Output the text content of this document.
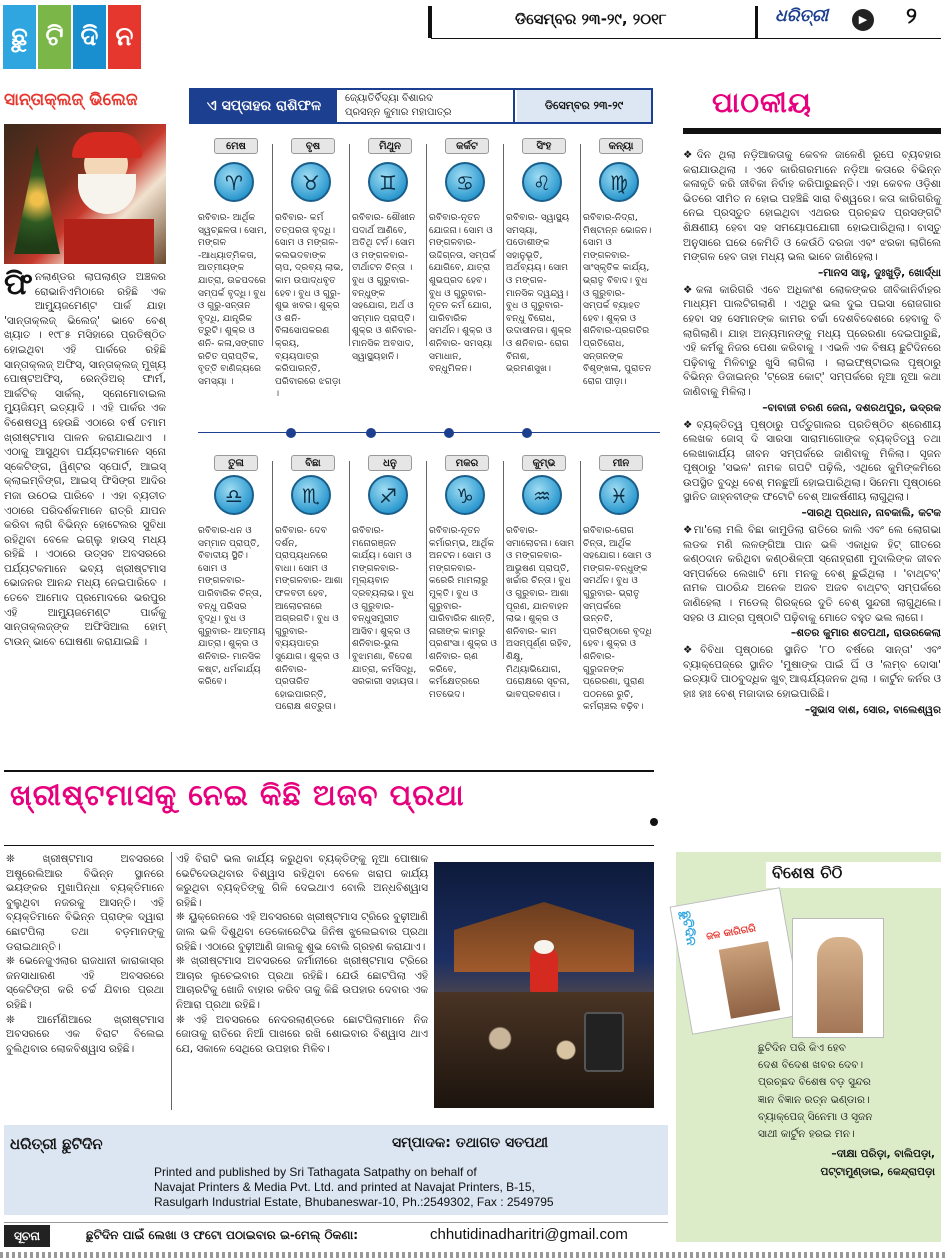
ଛୁ ଟି ଦି ନ
ଡିସେମ୍ବର ୨୩-୨୯, ୨୦୧୮	ଧରିତ୍ରୀ	▶	୨
ସାନ୍ତାକ୍ଲଜ୍ ଭିଲେଜ
ଫିନଲାଣ୍ଡର ଲାପଲାଣ୍ଡ ଅଞ୍ଚଳର ରୋଭାନିଏମିଠାରେ ରହିଛି ଏକ ଆମ୍ୟୁଜମେଣ୍ଟ ପାର୍କ ଯାହା 'ସାନ୍ତାକ୍ଲଜ୍ ଭିଲେଜ୍' ଭାବେ ବେଶ୍ ଖ୍ୟାତ । ୧୯୮୫ ମସିହାରେ ପ୍ରତିଷ୍ଠିତ ହୋଇଥିବା ଏହି ପାର୍କରେ ରହିଛି ସାନ୍ତାକ୍ଲଜ୍ ଅଫିସ୍, ସାନ୍ତାକ୍ଲଜ୍ ମୁଖ୍ୟ ପୋଷ୍ଟଅଫିସ୍, ରେନ୍‌ଡିଅର୍ ଫାର୍ମ, ଆର୍କଟିକ୍ ସାର୍କଲ୍, ସ୍ନୋମୋବାଇଲ ମ୍ୟୁଜିୟମ୍ ଇତ୍ୟାଦି । ଏହି ପାର୍କର ଏକ ବିଶେଷତ୍ୱ ହେଉଛି ଏଠାରେ ବର୍ଷ ତମାମ ଖ୍ରୀଷ୍ଟମାସ ପାଳନ କରାଯାଇଥାଏ । ଏଠାକୁ ଆସୁଥିବା ପର୍ଯ୍ୟଟକମାନେ ସ୍ନୋ ସ୍କେଟିଙ୍ଗ, ୱିଣ୍ଟର ସ୍ପୋର୍ଟ, ଆଇସ୍ କ୍ଲାଇମ୍ବିଙ୍ଗ, ଆଇସ୍ ଫିସିଙ୍ଗ ଆଦିର ମଜା ଉଠେଇ ପାରିବେ । ଏହା ବ୍ୟତୀତ ଏଠାରେ ପରିଦର୍ଶକମାନେ ରାତ୍ରି ଯାପନ କରିବା ଲାଗି ବିଭିନ୍ନ ହୋଟେଲର ସୁବିଧା ରହିଥିବା ବେଳେ ଇଗ୍ଲୁ ହାଉସ୍ ମଧ୍ୟ ରହିଛି । ଏଠାରେ ଉତ୍ସବ ଅବସରରେ ପର୍ଯ୍ୟଟକମାନେ ଭବ୍ୟ ଖ୍ରୀଷ୍ଟମାସ ଭୋଜନର ଆନନ୍ଦ ମଧ୍ୟ ନେଇପାରିବେ । ତେବେ ଆମୋଦ ପ୍ରମୋଦରେ ଭରପୁର ଏହି ଆମ୍ୟୁଜମେଣ୍ଟ ପାର୍କକୁ ସାନ୍ତାକ୍ଲଜ୍‌ଙ୍କ ଅଫିସିଆଲ ହୋମ୍ ଟାଉନ୍ ଭାବେ ଘୋଷଣା କରାଯାଇଛି ।
ଏ ସପ୍ତାହର ରାଶିଫଳ	ଜ୍ୟୋତିର୍ବିଦ୍ୟା ବିଶାରଦ
ପ୍ରସନ୍ନ କୁମାର ମହାପାତ୍ର
ଡିସେମ୍ବର ୨୩-୨୯
ମେଷ
♈
ରବିବାର- ଆର୍ଥିକ ସ୍ୱଚ୍ଛଳତା। ସୋମ, ମଙ୍ଗଳ -ଆଧ୍ୟାତ୍ମିକତା, ଆତ୍ମୀୟଙ୍କ ଯାତ୍ରା, ଉଚ୍ଚପଦରେ ସମ୍ପର୍କ ବୃଦ୍ଧି। ବୁଧ ଓ ଗୁରୁ-ସନ୍ତାନ ବୃଦ୍ଧି, ଯାନ୍ତ୍ରିକ ତ୍ରୁଟି। ଶୁକ୍ର ଓ ଶନି- କଳା,ସଙ୍ଗୀତ ରଚିତ ପ୍ରାପ୍ତିକ, ବୃତ୍ତି ବାଣିଜ୍ୟରେ ସମସ୍ୟା ।
ବୃଷ
♉
ରବିବାର- କର୍ମ ତତ୍ପରତା ବୃଦ୍ଧି। ସୋମ ଓ ମଙ୍ଗଳ- କଲଭଦବାଙ୍କ ଚାପ, ଦ୍ରବ୍ୟ ଲାଭ, କାମ ଉପାଦ୍ଧବୃତ ହେବ। ବୁଧ ଓ ଗୁରୁ-ଶୁଭ ଖବର। ଶୁକ୍ର ଓ ଶନି- ବିଳାସୋପକରଣ କ୍ରୟ, ବ୍ୟୟପାତ୍ର କରିପାରନ୍ତି, ପରିବାରରେ ଝଗଡ଼ା ।
ମିଥୁନ
♊
ରବିବାର- ଶୌଖୀନ ପଦାର୍ଥ ଆଣିବେ, ଅତିଥି ଟର୍ନ। ସୋମ ଓ ମଙ୍ଗଳବାର- ତୀର୍ଥାଟନ ଚିନ୍ତା । ବୁଧ ଓ ଗୁରୁବାର- ବନ୍ଧୁଙ୍କ ସହଯୋଗ, ଅର୍ଥ ଓ ସମ୍ମାନ ପ୍ରାପ୍ତି। ଶୁକ୍ର ଓ ଶନିବାର- ମାନସିକ ଅବସାଦ, ସ୍ୱାସ୍ଥ୍ୟହାନି।
କର୍କଟ
♋
ରବିବାର-ନୂତନ ଯୋଜନା। ସୋମ ଓ ମଙ୍ଗଳବାର- ଉଦ୍ଦିଗ୍ନତା, ସମ୍ପର୍କ ଯୋଗିବେ, ଯାତ୍ରା ଶୁଭପ୍ରଦ ହେବ। ବୁଧ ଓ ଗୁରୁବାର- ନୂତନ କର୍ମ ଯୋଗ, ପାରିବାରିକ ସମର୍ଥନ। ଶୁକ୍ର ଓ ଶନିବାର- ସମସ୍ୟା ସମାଧାନ, ବନ୍ଧୁମିଳନ।
ସିଂହ
♌
ରବିବାର- ସ୍ୱାସ୍ଥ୍ୟ ସମସ୍ୟା, ପଡୋଶୀଙ୍କ ସହାନୁଭୂତି, ଅର୍ଥବ୍ୟୟ। ସୋମ ଓ ମଙ୍ଗଳ- ମାନସିକ ଦ୍ୱନ୍ଦ୍ୱ। ବୁଧ ଓ ଗୁରୁବାର- ବନ୍ଧୁ ବିରୋଧ, ଉଦାସୀନତା। ଶୁକ୍ର ଓ ଶନିବାର- ରୋଗ ବିନାଶ, ଭ୍ରମଣସୁଖ।
କନ୍ୟା
♍
ରବିବାର-ନିଦ୍ରା, ମିଷ୍ଟାନ୍ନ ଭୋଜନ। ସୋମ ଓ ମଙ୍ଗଳବାର- ସାଂସ୍କୃତିକ କାର୍ଯ୍ୟ, ଭ୍ରାତୃ ବିବାଦ। ବୁଧ ଓ ଗୁରୁବାର- ସମ୍ପର୍କ ବ୍ୟାହତ ହେବ। ଶୁକ୍ର ଓ ଶନିବାର-ପ୍ରଗତିର ପ୍ରତିରୋଧ, ସନ୍ତାନଙ୍କ ବିଶୃଙ୍ଖଳା, ପୁରାତନ ରୋଗ ପୀଡ଼ା।
ତୁଳା
♎
ରବିବାର-ଧନ ଓ ସମ୍ମାନ ପ୍ରାପ୍ତି, ବିବାଦୀୟ ସ୍ଥିତି। ସୋମ ଓ ମଙ୍ଗଳବାର- ପାରିବାରିକ ଚିନ୍ତା, ବନ୍ଧୁ ପରିସର ବୃଦ୍ଧି। ବୁଧ ଓ ଗୁରୁବାର- ଆତ୍ମୀୟ ଯାତ୍ରା। ଶୁକ୍ର ଓ ଶନିବାର- ମାନସିକ କଷ୍ଟ, ଧର୍ମକାର୍ଯ୍ୟ କରିବେ।
ବିଛା
♏
ରବିବାର- ଦେବ ଦର୍ଶନ, ପ୍ରାପ୍ୟଧନରେ ବାଧା। ସୋମ ଓ ମଙ୍ଗଳବାର- ଆଶା ଫଳବତୀ ହେବ, ଆଲୋଚନାରେ ଅଗ୍ରଗତି। ବୁଧ ଓ ଗୁରୁବାର- ବ୍ୟୟପାତ୍ର ସୁଯୋଗ। ଶୁକ୍ର ଓ ଶନିବାର- ପ୍ରତାରିତ ହୋଇପାରନ୍ତି, ପରୋକ୍ଷ ଶତ୍ରୁତା।
ଧନୁ
♐
ରବିବାର- ମନୋରଞ୍ଜନ କାର୍ଯ୍ୟ। ସୋମ ଓ ମଙ୍ଗଳବାର- ମୂଲ୍ୟବାନ ଦ୍ରବ୍ୟଲାଭ। ବୁଧ ଓ ଗୁରୁବାର- ବନ୍ଧୁସମ୍ପ୍ରୀତ ଆସିବ। ଶୁକ୍ର ଓ ଶନିବାର-ଭୁଲ ବୁଝାମଣା, ବିଦେଶ ଯାତ୍ରା, କର୍ମସିଦ୍ଧି, ସରକାରୀ ସହାୟତା।
ମକର
♑
ରବିବାର-ନୂତନ କର୍ମାରମ୍ଭ, ଆର୍ଥିକ ଅନଟନ। ସୋମ ଓ ମଙ୍ଗଳବାର- କରେରି ମାମଲାରୁ ମୁକ୍ତି। ବୁଧ ଓ ଗୁରୁବାର- ପାରିବାରିକ ଶାନ୍ତି, ନାରୀଙ୍କ କାମରୁ ପ୍ରଶଂସା। ଶୁକ୍ର ଓ ଶନିବାର- ଋଣ କରିବେ, କର୍ମକ୍ଷେତ୍ରରେ ମତଭେଦ।
କୁମ୍ଭ
♒
ରବିବାର- ସମାଲୋଚନା। ସୋମ ଓ ମଙ୍ଗଳବାର- ଆଭୁଷଣ ପ୍ରାପ୍ତି, ଖର୍ଚ୍ଚାର ଚିନ୍ତା। ବୁଧ ଓ ଗୁରୁବାର- ଆଶା ପୂରଣ, ଯାନବାହନ ଲାଭ। ଶୁକ୍ର ଓ ଶନିବାର- କାମ ଅସମ୍ପୂର୍ଣ୍ଣ ରହିବ, ଶିକ୍ଷୁ, ମିଥ୍ୟାଭିଯୋଗ, ପରୋକ୍ଷରେ ସୂଚନା, ଭାବପ୍ରବଣତା।
ମୀନ
♓
ରବିବାର-ରୋଗ ଚିନ୍ତା, ଆର୍ଥିକ ସହଯୋଗ। ସୋମ ଓ ମଙ୍ଗଳ-ବନ୍ଧୁଙ୍କ ସମର୍ଥନ। ବୁଧ ଓ ଗୁରୁବାର- ଭ୍ରାତୃ ସମ୍ପର୍କରେ ଉନ୍ନତି, ପ୍ରତିଷ୍ଠାରେ ବୃଦ୍ଧି ହେବ। ଶୁକ୍ର ଓ ଶନିବାର- ଗୁରୁଜନଙ୍କ ପ୍ରେରଣା, ପୁରାଣ ପଠନରେ ରୁଚି, କର୍ମଚାଞ୍ଚଲ ବଢ଼ିବ।
ପାଠକୀୟ
❖ଦିନ ଥିଲା ନଡ଼ିଆକତାକୁ କେବଳ ଜାଳେଣି ରୂପେ ବ୍ୟବହାର କରାଯାଉଥିଲା । ଏବେ କାରିଗରମାନେ ନଡ଼ିଆ କତାରେ ବିଭିନ୍ନ କଳାକୃତି କରି ଜୀବିକା ନିର୍ବାହ କରିପାରୁଛନ୍ତି। ଏହା କେବଳ ଓଡ଼ିଶା ଭିତରେ ସୀମିତ ନ ହୋଇ ପହଞ୍ଚିଛି ସାରା ବିଶ୍ୱରେ। କତା କାରିଗରିକୁ ନେଇ ପ୍ରସ୍ତୁତ ହୋଇଥିବା ଏଥରର ପ୍ରଚ୍ଛଦ ପ୍ରସଙ୍ଗଟି ଶିକ୍ଷଣୀୟ ହେବା ସହ ସମୟୋପଯୋଗୀ ହୋଇପାରିଥିଲା। ବାସ୍ତୁ ଅନୁସାରେ ଘରେ କେମିତି ଓ କେଉଁଠି ଦରଜା ଏବଂ ଝରକା ଲାଗିଲେ ମଙ୍ଗଳ ହେବ ତାହା ମଧ୍ୟ ଭଲ ଭାବେ ଜାଣିହେଲା।
–ମାନସ ସାହୁ, ଦୁଃଖୁଡ଼ି, ଖୋର୍ଦ୍ଧା
❖କଳା କାରିଗରି ଏବେ ଅଧିକାଂଶ ଲୋକଙ୍କର ଜୀବିକାନିର୍ବାହର ମାଧ୍ୟମ ପାଲଟିଗଲାଣି । ଏଥିରୁ ଭଲ ଦୁଇ ପଇସା ରୋଜଗାର ହେବା ସହ ସେମାନଙ୍କ କାମର ଚର୍ଚ୍ଚା ଦେଶବିଦେଶରେ ହେବାକୁ ବି ଲାଗିଲାଣି। ଯାହା ଅନ୍ୟମାନଙ୍କୁ ମଧ୍ୟ ପ୍ରେରଣା ଦେଇପାରୁଛି, ଏହି କର୍ମକୁ ନିଜର ପେଶା କରିବାକୁ । ଏଭଳି ଏକ ବିଷୟ ଛୁଟିଦିନରେ ପଢ଼ିବାକୁ ମିଳିବାରୁ ଖୁସି ଲାଗିଲା । ଲାଇଫ୍‌ଷ୍ଟାଇଲ ପୃଷ୍ଠାରୁ ବିଭିନ୍ନ ଡିଜାଇନ୍‌ର 'ଟ୍ରେଞ୍ଚ କୋଟ୍' ସମ୍ପର୍କରେ ନୂଆ ନୂଆ କଥା ଜାଣିବାକୁ ମିଳିଲା।
–ବାବାଜୀ ଚରଣ ଜେନା, ଦଶରଥପୁର, ଭଦ୍ରକ
❖ବ୍ୟକ୍ତିତ୍ୱ ପୃଷ୍ଠାରୁ ପର୍ତ୍ତୁଗାଲର ପ୍ରତିଷ୍ଠିତ ଶ୍ରେଣୀୟ ଲେଖକ ଜୋସ୍ ଦି ସାରସା ସାରାମାଗୋଙ୍କ ବ୍ୟକ୍ତିତ୍ୱ ତଥା ଲେଖାକାର୍ଯ୍ୟ ଜୀବନ ସମ୍ପର୍କରେ ଜାଣିବାକୁ ମିଳିଲା। ସୃଜନ ପୃଷ୍ଠାରୁ 'ସଭଳ' ନାମକ ଗପଟି ପଢ଼ିଲି, ଏଥିରେ କୁମିଙ୍କମିରେ ଉପସ୍ଥିତ ବୁଦ୍ଧି ବେଶ୍ ମନଛୁଆଁ ହୋଇପାରିଥିଲା। ସିନେମା ପୃଷ୍ଠାରେ ସ୍ଥାନିତ ଜାହ୍ନବୀଙ୍କ ଫଟୋଟି ବେଶ୍ ଆକର୍ଷଣୀୟ ଲାଗୁଥିଲା।
–ସାରଥି ପ୍ରଧାନ, ନାବକାଲି, କଟକ
❖ମା'ଲୋ ମଲି ବିଛା କାମୁଡିଲା ରାତିରେ କାଲି ଏବଂ ଲେ ଲୋଗଭା ଲଡକ ମଣି ଲଳଙ୍ଗିଆ ପାନ ଭଳି ଏକାଧିକ ହିଟ୍ ଗୀତରେ କଣ୍ଠଦାନ କରିଥିବା କଣ୍ଠଶିଳ୍ପୀ ସ୍ନୋହ୍ରାଣୀ ମୁଦାଲିଙ୍କ ଜୀବନ ସମ୍ପର୍କରେ ଲେଖାଟି ମୋ ମନକୁ ବେଶ୍ ଛୁଇଁଥିଲା । 'ବାଥ୍‌ଟବ୍' ନାମକ ପାଠରିନ୍ଦ ଅନେକ ଅଜବ ଅଜବ ବାଥ୍‌ଟବ୍ ସମ୍ପର୍କରେ ଜାଣିହେଲା । ମଡେଲ୍ ଗିରକ୍ରେ ଦୁତି ବେଶ୍ ସୁନ୍ଦରୀ ଲାଗୁଥିଲେ। ସହର ଓ ଯାତ୍ରା ପୃଷ୍ଠାଟି ପଢ଼ିବାକୁ ମୋତେ ବହୁତ ଭଲ ଲାଗେ।
–ଶତର କୁମାର ଶତପଥୀ, ରାଉରକେଲା
❖ବିବିଧା ପୃଷ୍ଠାରେ ସ୍ଥାନିତ '୮୦ ବର୍ଷରେ ସାନ୍ତା' ଏବଂ ବ୍ୟାକ୍‌ପେଜ୍‌ରେ ସ୍ଥାନିତ 'ମୁଷାଙ୍କ ପାଇଁ ଘିଁ ଓ 'ଲମ୍ବ ଦୋସା' ଇତ୍ୟାଦି ପାଠବୁଦ୍ଧିକ ଖୁବ୍ ଆଶ୍ଚର୍ଯ୍ୟଜନକ ଥିଲା । କାର୍ଟୁନ କର୍ନର ଓ ହାଃ ହାଃ ବେଶ୍ ମଜାଦାର ହୋଇପାରିଛି।
–ସୁଭାସ ଦାଶ, ସୋର, ବାଲେଶ୍ୱର
ବିଶେଷ ଚିଠି
ଛୁଟିଦିନ ଜଳ କାରିଗରି
ଛୁଟିଦିନ ପରି କିଏ ହେବ
ଦେଶ ବିଦେଶ ଖବର ଦେବ।
ପ୍ରଚ୍ଛଦ ବିଶେଷ ବଡ଼ ସୁନ୍ଦର
ଜ୍ଞାନ ବିଜ୍ଞାନ ରତ୍ନ ଭଣ୍ଡାର।
ବ୍ୟାକ୍‌ପେଜ୍ ସିନେମା ଓ ସୃଜନ
ସାଥୀ କାର୍ଟୁନ ହରଇ ମନ।
–ଦୀକ୍ଷା ପରିଡ଼ା, ବାଲିପଡ଼ା,
ପଟ୍ଟାମୁଣ୍ଡାଇ, କେନ୍ଦ୍ରାପଡ଼ା
ଖ୍ରୀଷ୍ଟମାସକୁ ନେଇ କିଛି ଅଜବ ପ୍ରଥା
❊ ଖ୍ରୀଷ୍ଟମାସ ଅବସରରେ ଅଷ୍ଟ୍ରେଲିଆର ବିଭିନ୍ନ ସ୍ଥାନରେ ଭୟଙ୍କର ମୁଖାପିନ୍ଧା ବ୍ୟକ୍ତିମାନେ ବୁଲୁଥିବା ନଜରକୁ ଆସନ୍ତି। ଏହି ବ୍ୟକ୍ତିମାନେ ବିଭିନ୍ନ ପ୍ରାଙ୍କ ଦ୍ୱାରା ଛୋଟପିଲା ତଥା ବଡ଼ମାନଙ୍କୁ ଡରାଇଥାନ୍ତି।
❊ ଭେନେଜୁଏଲାର ରାଜଧାନୀ କାରାକାସ୍‌ର ଜନସାଧାରଣ ଏହି ଅବସରରେ ସ୍କେଟିଙ୍ଗ କରି ଚର୍ଚ୍ଚ ଯିବାର ପ୍ରଥା ରହିଛି।
❊ ଆର୍ମେଣିଆରେ ଖ୍ରୀଷ୍ଟମାସ ଅବସରରେ ଏକ ବିରାଟ ବିଲେଇ ବୁଲିଥିବାର ଲୋକବିଶ୍ୱାସ ରହିଛି।
ଏହି ବିରାଟି ଭଲ କାର୍ଯ୍ୟ କରୁଥିବା ବ୍ୟକ୍ତିଙ୍କୁ ନୂଆ ପୋଷାକ ଭେଟିଦେଉଥିବାର ବିଶ୍ୱାସ ରହିଥିବା ବେଳେ ଖରାପ କାର୍ଯ୍ୟ କରୁଥିବା ବ୍ୟକ୍ତିଙ୍କୁ ଗିଳି ଦେଇଥାଏ ବୋଲି ଅନ୍ଧବିଶ୍ୱାସ ରହିଛି।
❊ ୟୁକ୍ରେନରେ ଏହି ଅବସରରେ ଖ୍ରୀଷ୍ଟମାସ ଟ୍ରିରେ ବୁଢ଼ୀଆଣି ଜାଲ ଭଳି ଦିଶୁଥିବା ଡେକୋରେଟିଭ ଜିନିଷ ଝୁଲେଇବାର ପ୍ରଥା ରହିଛି। ଏଠାରେ ବୁଢ଼ୀଆଣି ଜାଲକୁ ଶୁଭ ବୋଲି ଗ୍ରହଣ କରାଯାଏ।
❊ ଖ୍ରୀଷ୍ଟମାସ ଅବସରରେ ଜର୍ମାନୀରେ ଖ୍ରୀଷ୍ଟମାସ ଟ୍ରିରେ ଆଚାର ଲୁଚେଇବାର ପ୍ରଥା ରହିଛି। ଯେଉଁ ଛୋଟପିଲା ଏହି ଆଚାରଟିକୁ ଖୋଜି ବାହାର କରିବ ତାକୁ କିଛି ଉପହାର ଦେବାର ଏକ ନିଆରା ପ୍ରଥା ରହିଛି।
❊ ଏହି ଅବସରରେ ନେଦରଲାଣ୍ଡରେ ଛୋଟପିଲାମାନେ ନିଜ ଜୋତାକୁ ରାତିରେ ନିଆଁ ପାଖରେ ରଖି ଶୋଇବାର ବିଶ୍ୱାସ ଥାଏ ଯେ, ସକାଳେ ସେଥିରେ ଉପହାର ମିଳିବ।
ଧରିତ୍ରୀ ଛୁଟିଦିନ	ସମ୍ପାଦକ: ତଥାଗତ ସତପଥୀ
Printed and published by Sri Tathagata Satpathy on behalf of
Navajat Printers & Media Pvt. Ltd. and printed at Navajat Printers, B-15,
Rasulgarh Industrial Estate, Bhubaneswar-10, Ph.:2549302, Fax : 2549795
ସୂଚନା	ଛୁଟିଦିନ ପାଇଁ ଲେଖା ଓ ଫଟୋ ପଠାଇବାର ଇ-ମେଲ୍ ଠିକଣା:	chhutidinadharitri@gmail.com
